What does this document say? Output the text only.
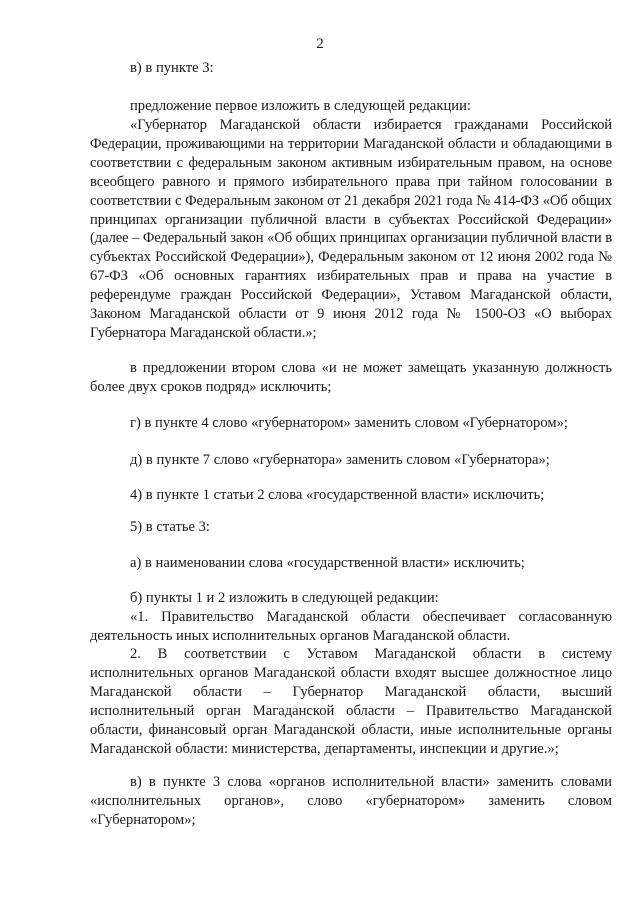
2

в) в пункте 3:

предложение первое изложить в следующей редакции:

«Губернатор Магаданской области избирается гражданами Российской Федерации, проживающими на территории Магаданской области и обладающими в соответствии с федеральным законом активным избирательным правом, на основе всеобщего равного и прямого избирательного права при тайном голосовании в соответствии с Федеральным законом от 21 декабря 2021 года № 414-ФЗ «Об общих принципах организации публичной власти в субъектах Российской Федерации» (далее – Федеральный закон «Об общих принципах организации публичной власти в субъектах Российской Федерации»), Федеральным законом от 12 июня 2002 года № 67-ФЗ «Об основных гарантиях избирательных прав и права на участие в референдуме граждан Российской Федерации», Уставом Магаданской области, Законом Магаданской области от 9 июня 2012 года № 1500-ОЗ «О выборах Губернатора Магаданской области.»;

в предложении втором слова «и не может замещать указанную должность более двух сроков подряд» исключить;

г) в пункте 4 слово «губернатором» заменить словом «Губернатором»;

д) в пункте 7 слово «губернатора» заменить словом «Губернатора»;

4) в пункте 1 статьи 2 слова «государственной власти» исключить;

5) в статье 3:

а) в наименовании слова «государственной власти» исключить;

б) пункты 1 и 2 изложить в следующей редакции:

«1. Правительство Магаданской области обеспечивает согласованную деятельность иных исполнительных органов Магаданской области.

2. В соответствии с Уставом Магаданской области в систему исполнительных органов Магаданской области входят высшее должностное лицо Магаданской области – Губернатор Магаданской области, высший исполнительный орган Магаданской области – Правительство Магаданской области, финансовый орган Магаданской области, иные исполнительные органы Магаданской области: министерства, департаменты, инспекции и другие.»;

в) в пункте 3 слова «органов исполнительной власти» заменить словами «исполнительных органов», слово «губернатором» заменить словом «Губернатором»;
